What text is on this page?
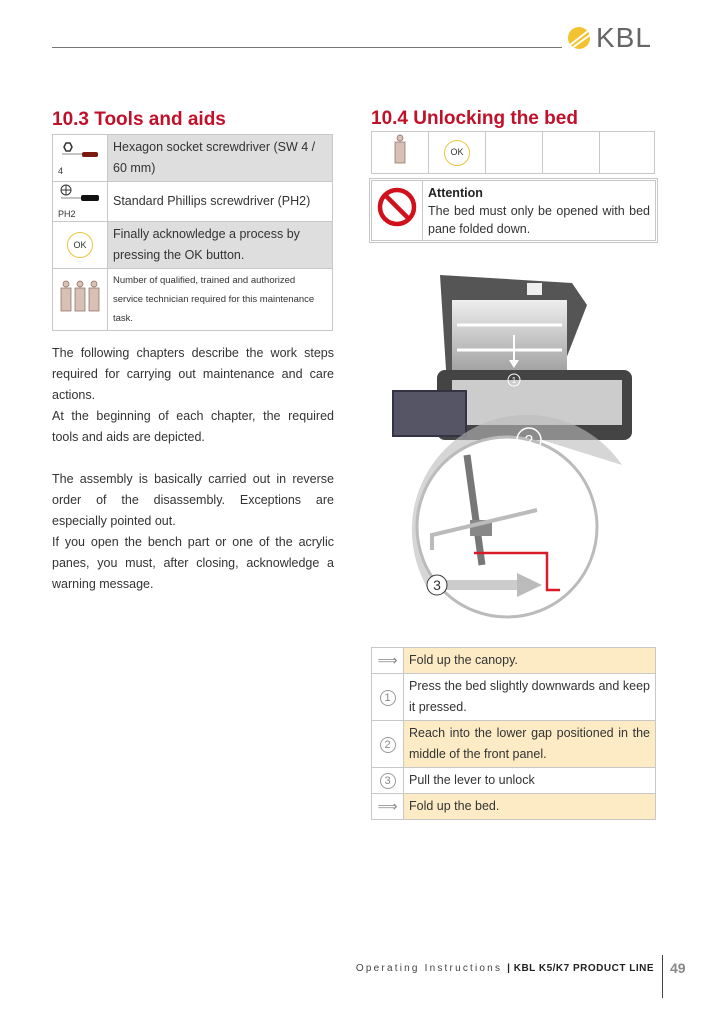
KBL
10.3 Tools and aids
4	Hexagon socket screwdriver (SW 4 / 60 mm)

PH2	Standard Phillips screwdriver (PH2)

OK	Finally acknowledge a process by pressing the OK button.
	Number of qualified, trained and authorized service technician required for this maintenance task.
The following chapters describe the work steps required for carrying out maintenance and care actions.
At the beginning of each chapter, the required tools and aids are depicted.
The assembly is basically carried out in reverse order of the disassembly. Exceptions are especially pointed out.
If you open the bench part or one of the acrylic panes, you must, after closing, acknowledge a warning message.
10.4 Unlocking the bed

OK

Attention
The bed must only be opened with bed pane folded down.
1
2
3
⟹	Fold up the canopy.
1	Press the bed slightly downwards and keep it pressed.
2	Reach into the lower gap positioned in the middle of the front panel.
3	Pull the lever to unlock
⟹	Fold up the bed.
Operating Instructions | KBL K5/K7 PRODUCT LINE 49
